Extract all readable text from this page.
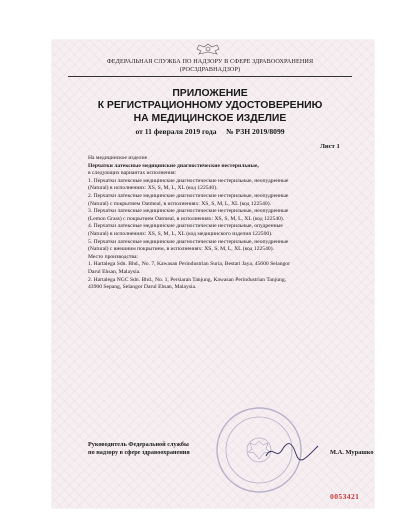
ФЕДЕРАЛЬНАЯ СЛУЖБА ПО НАДЗОРУ В СФЕРЕ ЗДРАВООХРАНЕНИЯ
(РОСЗДРАВНАДЗОР)
ПРИЛОЖЕНИЕ
К РЕГИСТРАЦИОННОМУ УДОСТОВЕРЕНИЮ
НА МЕДИЦИНСКОЕ ИЗДЕЛИЕ
от 11 февраля 2019 года     № РЗН 2019/8099
Лист 1
На медицинское изделие
Перчатки латексные медицинские диагностические нестерильные,
в следующих вариантах исполнения:
1. Перчатки латексные медицинские диагностические нестерильные, неопудренные
(Natural) в исполнениях: XS, S, M, L, XL (код 122540).
2. Перчатки латексные медицинские диагностические нестерильные, неопудренные
(Natural) с покрытием Oatmeal, в исполнениях: XS, S, M, L, XL (код 122540).
3. Перчатки латексные медицинские диагностические нестерильные, неопудренные
(Lemon Grass) с покрытием Oatmeal, в исполнениях: XS, S, M, L, XL (код 122540).
4. Перчатки латексные медицинские диагностические нестерильные, опудренные
(Natural) в исполнениях: XS, S, M, L, XL (код медицинского изделия 122500).
5. Перчатки латексные медицинские диагностические нестерильные, неопудренные
(Natural) с внешним покрытием, в исполнениях: XS, S, M, L, XL (код 122540).
Место производства:
1. Hartalega Sdn. Bhd., No. 7, Kawasan Perindustrian Suria, Bestari Jaya, 45600 Selangor
Darul Ehsan, Malaysia.
2. Hartalega NGC Sdn. Bhd., No. 1, Persiaran Tanjung, Kawasan Perindustrian Tanjung,
43900 Sepang, Selangor Darul Ehsan, Malaysia.
Руководитель Федеральной службы
по надзору в сфере здравоохранения	М.А. Мурашко
0053421
